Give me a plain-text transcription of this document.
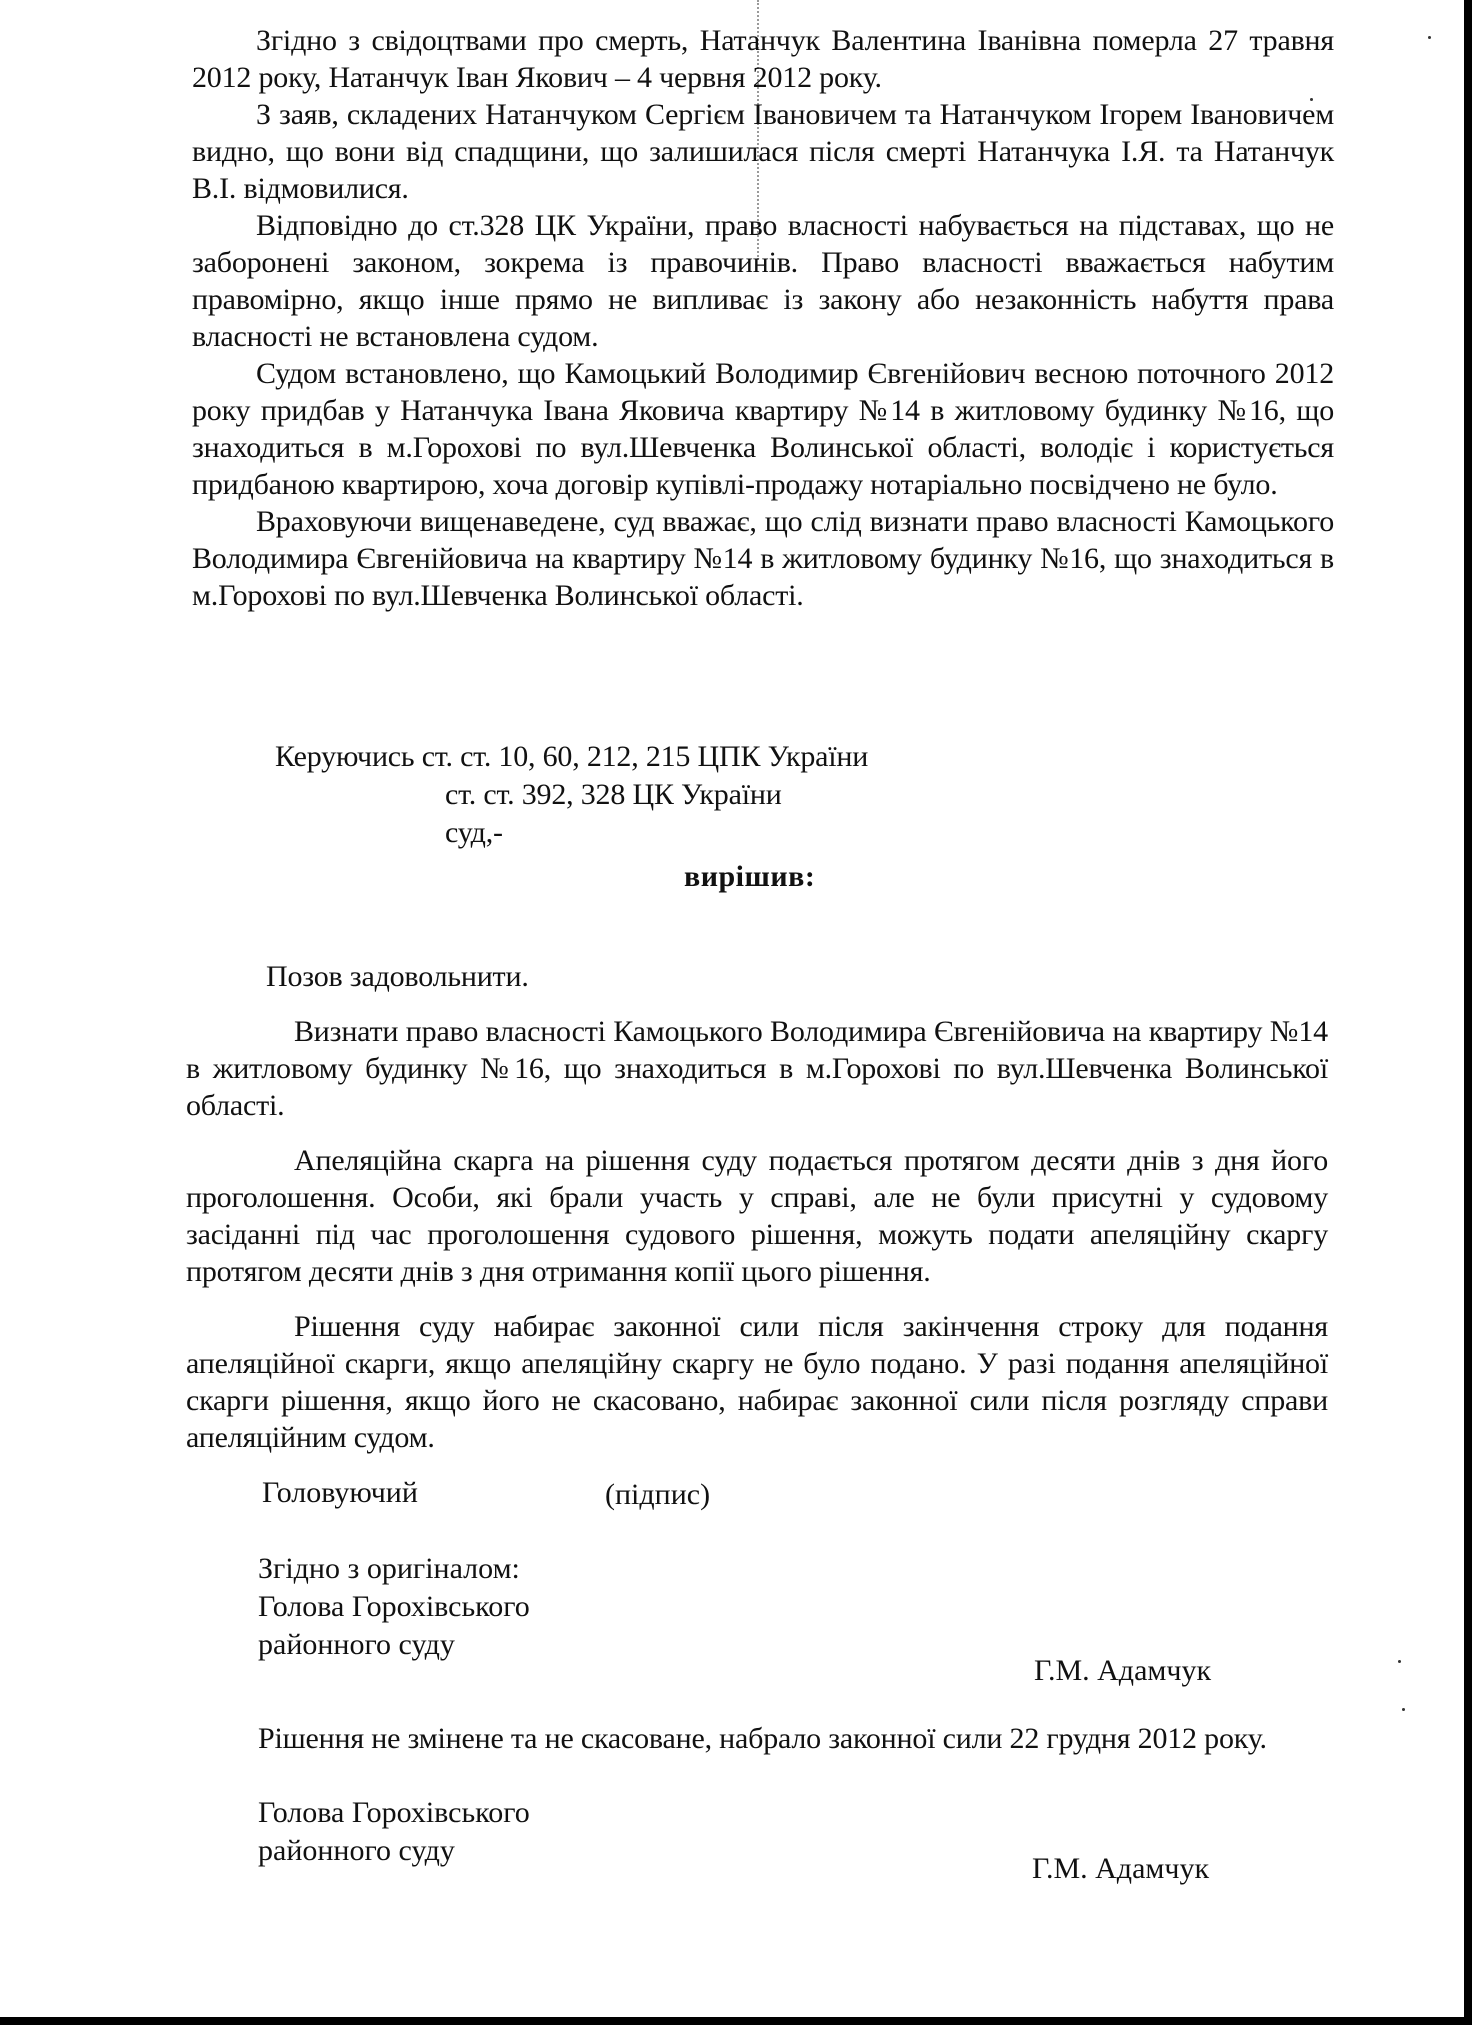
Згідно з свідоцтвами про смерть, Натанчук Валентина Іванівна померла 27 травня 2012 року, Натанчук Іван Якович – 4 червня 2012 року.

З заяв, складених Натанчуком Сергієм Івановичем та Натанчуком Ігорем Івановичем видно, що вони від спадщини, що залишилася після смерті Натанчука І.Я. та Натанчук В.І. відмовилися.

Відповідно до ст.328 ЦК України, право власності набувається на підставах, що не заборонені законом, зокрема із правочинів. Право власності вважається набутим правомірно, якщо інше прямо не випливає із закону або незаконність набуття права власності не встановлена судом.

Судом встановлено, що Камоцький Володимир Євгенійович весною поточного 2012 року придбав у Натанчука Івана Яковича квартиру №14 в житловому будинку №16, що знаходиться в м.Горохові по вул.Шевченка Волинської області, володіє і користується придбаною квартирою, хоча договір купівлі-продажу нотаріально посвідчено не було.

Враховуючи вищенаведене, суд вважає, що слід визнати право власності Камоцького Володимира Євгенійовича на квартиру №14 в житловому будинку №16, що знаходиться в м.Горохові по вул.Шевченка Волинської області.

Керуючись ст. ст. 10, 60, 212, 215 ЦПК України
ст. ст. 392, 328 ЦК України
суд,-
вирішив:

Позов задовольнити.

Визнати право власності Камоцького Володимира Євгенійовича на квартиру №14 в житловому будинку №16, що знаходиться в м.Горохові по вул.Шевченка Волинської області.

Апеляційна скарга на рішення суду подається протягом десяти днів з дня його проголошення. Особи, які брали участь у справі, але не були присутні у судовому засіданні під час проголошення судового рішення, можуть подати апеляційну скаргу протягом десяти днів з дня отримання копії цього рішення.

Рішення суду набирає законної сили після закінчення строку для подання апеляційної скарги, якщо апеляційну скаргу не було подано. У разі подання апеляційної скарги рішення, якщо його не скасовано, набирає законної сили після розгляду справи апеляційним судом.

Головуючий	(підпис)
Згідно з оригіналом:
Голова Горохівського
районного суду
Г.М. Адамчук

Рішення не змінене та не скасоване, набрало законної сили 22 грудня 2012 року.

Голова Горохівського
районного суду
Г.М. Адамчук
